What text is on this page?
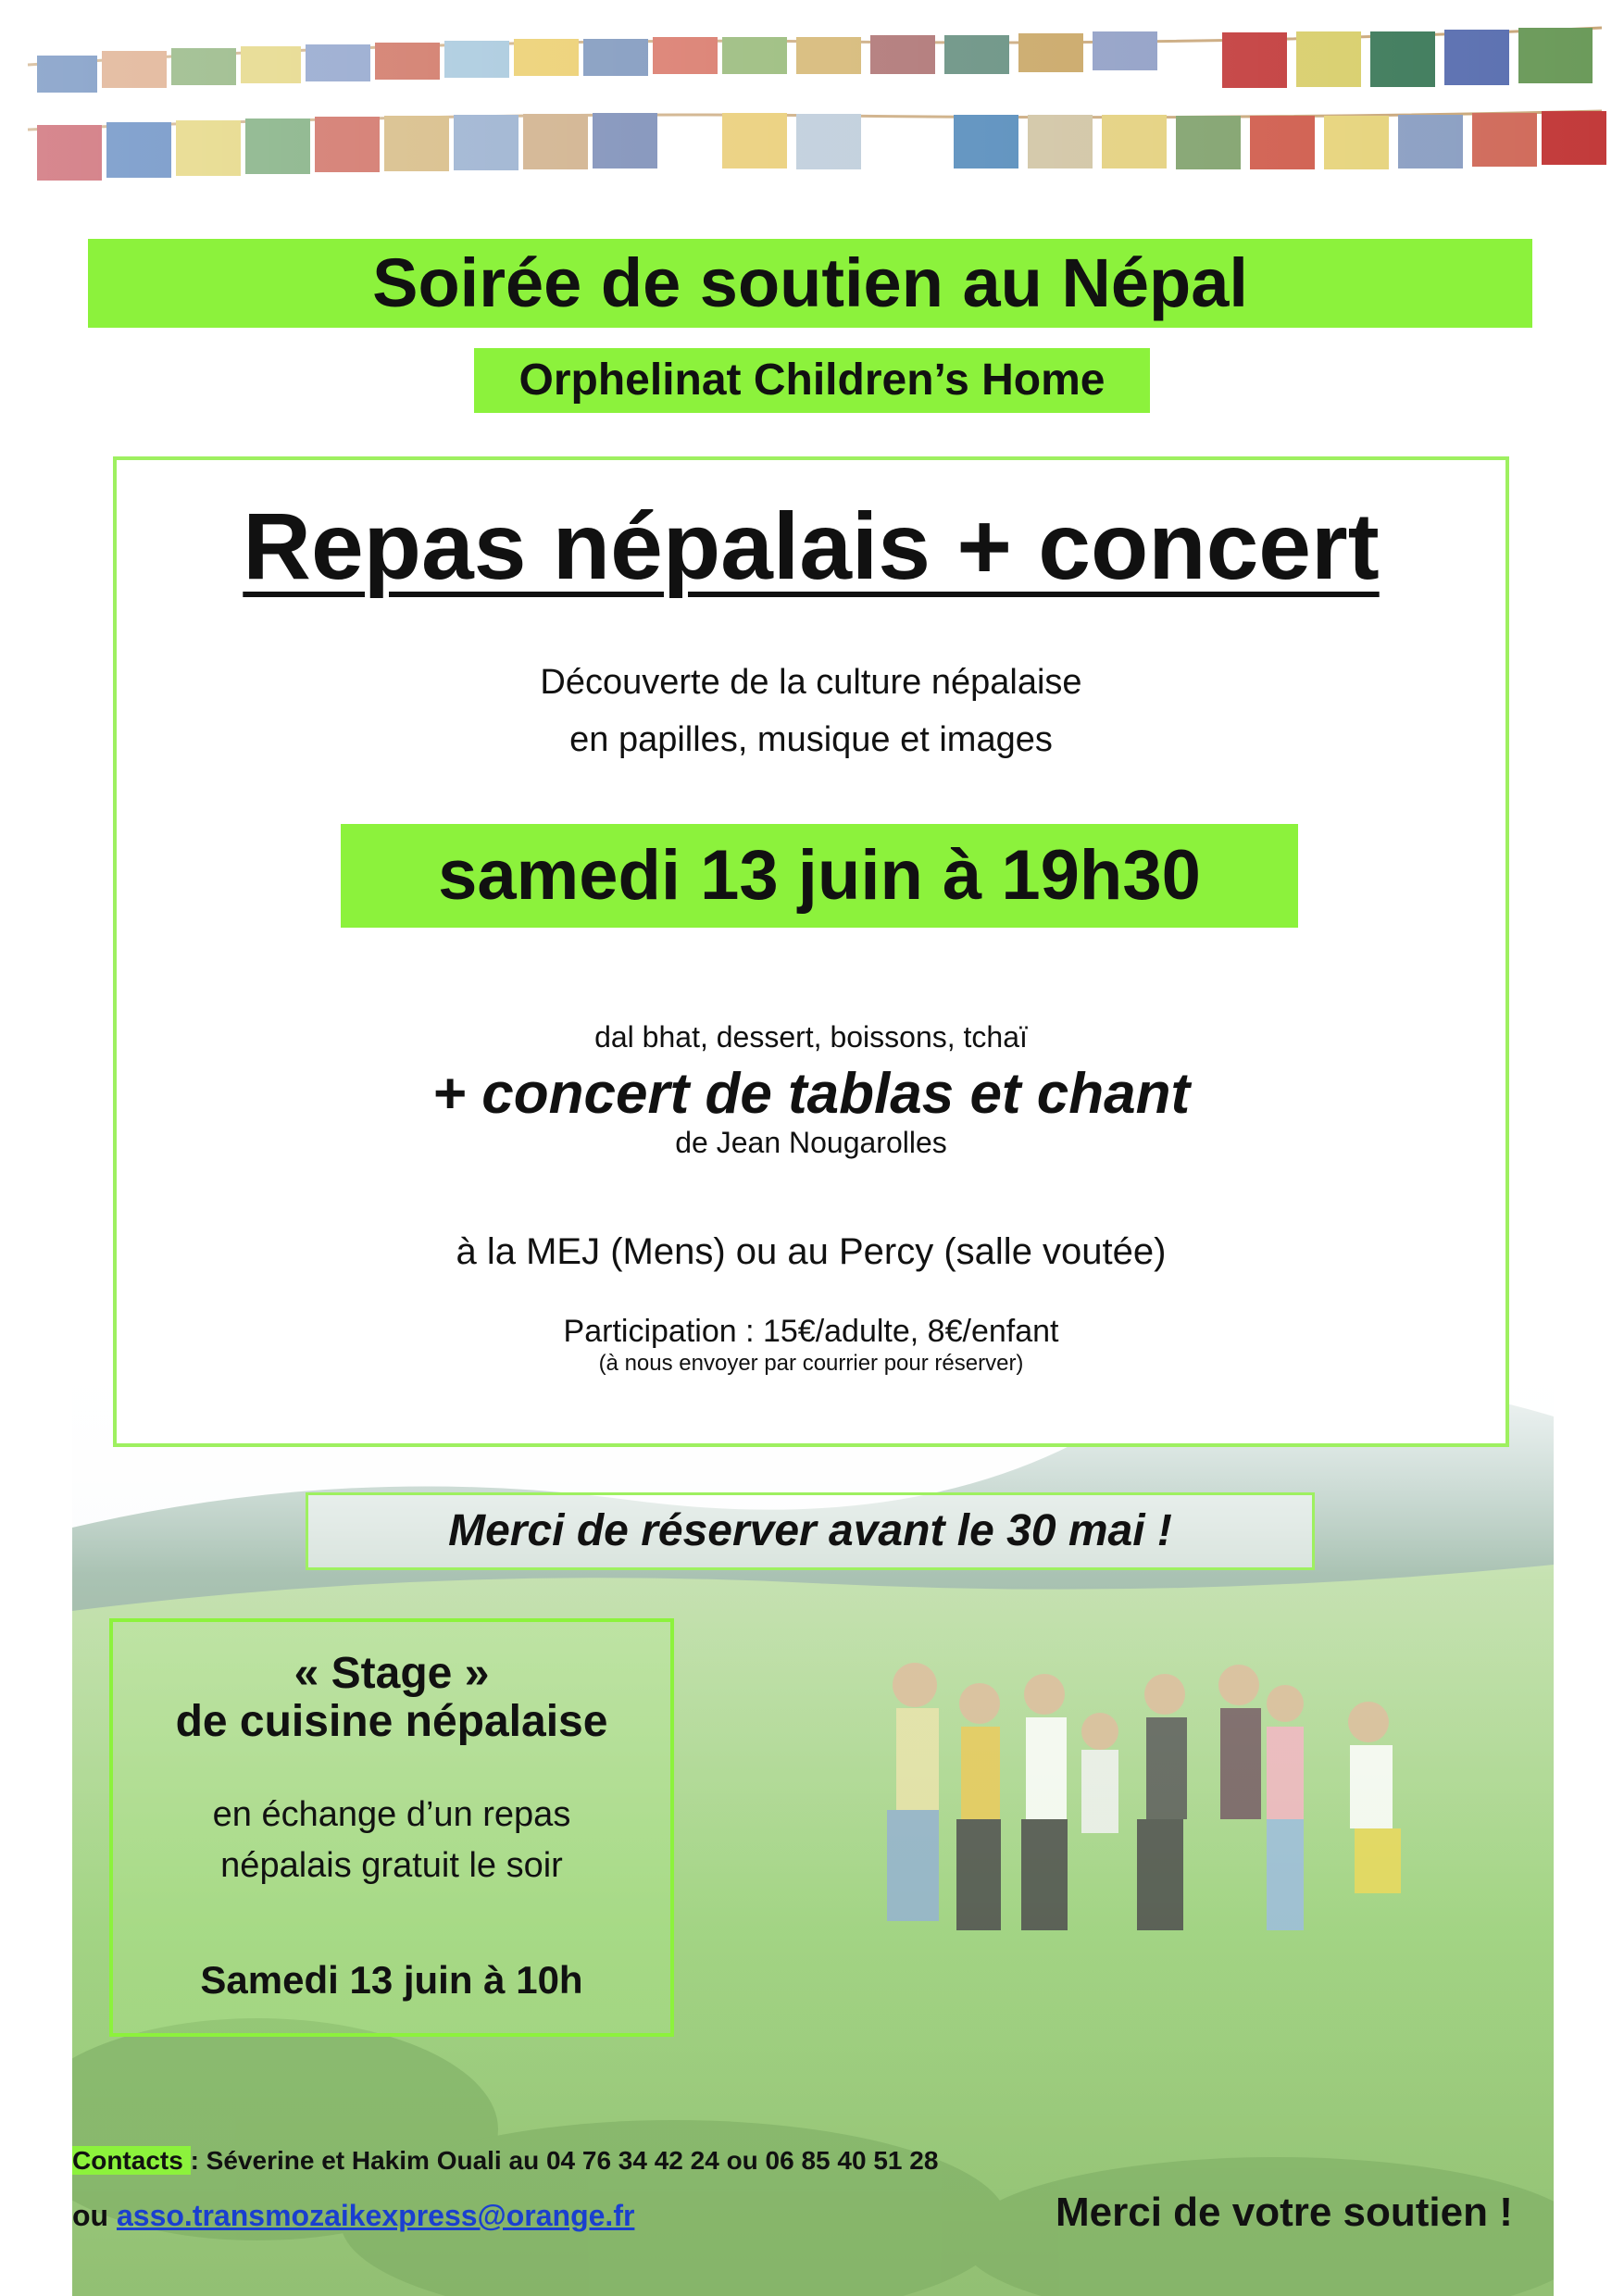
Soirée de soutien au Népal
Orphelinat Children’s Home
Repas népalais + concert
Découverte de la culture népalaise
en papilles, musique et images
samedi 13 juin à 19h30
dal bhat, dessert, boissons, tchaï
+ concert de tablas et chant
de Jean Nougarolles
à la MEJ (Mens) ou au Percy (salle voutée)
Participation : 15€/adulte, 8€/enfant
(à nous envoyer par courrier pour réserver)
Merci de réserver avant le 30 mai !
« Stage »
de cuisine népalaise
en échange d’un repas
népalais gratuit le soir
Samedi 13 juin à 10h
Contacts : Séverine et Hakim Ouali au 04 76 34 42 24 ou 06 85 40 51 28
ou asso.transmozaikexpress@orange.fr	Merci de votre soutien !
